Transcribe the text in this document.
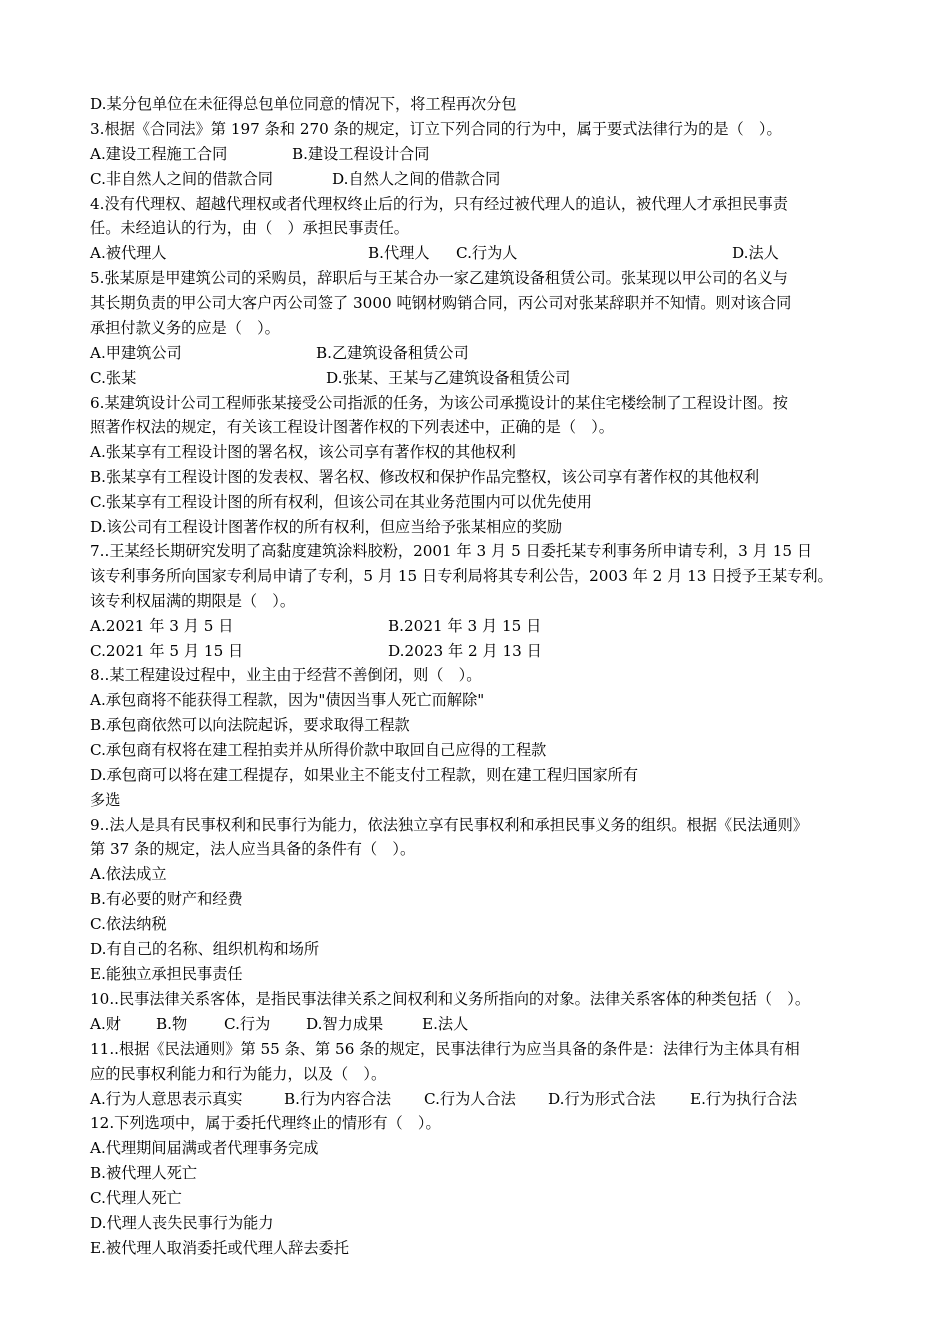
D.某分包单位在未征得总包单位同意的情况下，将工程再次分包
3.根据《合同法》第 197 条和 270 条的规定，订立下列合同的行为中，属于要式法律行为的是（　）。

A.建设工程施工合同

	B.建设工程设计合同

C.非自然人之间的借款合同

	D.自然人之间的借款合同

4.没有代理权、超越代理权或者代理权终止后的行为，只有经过被代理人的追认，被代理人才承担民事责
任。未经追认的行为，由（　）承担民事责任。

A.被代理人

	B.代理人

C.行为人

	D.法人

5.张某原是甲建筑公司的采购员，辞职后与王某合办一家乙建筑设备租赁公司。张某现以甲公司的名义与
其长期负责的甲公司大客户丙公司签了 3000 吨钢材购销合同，丙公司对张某辞职并不知情。则对该合同
承担付款义务的应是（　）。

A.甲建筑公司

	B.乙建筑设备租赁公司

C.张某

	D.张某、王某与乙建筑设备租赁公司

6.某建筑设计公司工程师张某接受公司指派的任务，为该公司承揽设计的某住宅楼绘制了工程设计图。按
照著作权法的规定，有关该工程设计图著作权的下列表述中，正确的是（　）。
A.张某享有工程设计图的署名权，该公司享有著作权的其他权利
B.张某享有工程设计图的发表权、署名权、修改权和保护作品完整权，该公司享有著作权的其他权利
C.张某享有工程设计图的所有权利，但该公司在其业务范围内可以优先使用
D.该公司有工程设计图著作权的所有权利，但应当给予张某相应的奖励
7..王某经长期研究发明了高黏度建筑涂料胶粉，2001 年 3 月 5 日委托某专利事务所申请专利，3 月 15 日
该专利事务所向国家专利局申请了专利，5 月 15 日专利局将其专利公告，2003 年 2 月 13 日授予王某专利。
该专利权届满的期限是（　）。

A.2021 年 3 月 5 日

	B.2021 年 3 月 15 日

C.2021 年 5 月 15 日

	D.2023 年 2 月 13 日

8..某工程建设过程中，业主由于经营不善倒闭，则（　）。
A.承包商将不能获得工程款，因为"债因当事人死亡而解除"
B.承包商依然可以向法院起诉，要求取得工程款
C.承包商有权将在建工程拍卖并从所得价款中取回自己应得的工程款
D.承包商可以将在建工程提存，如果业主不能支付工程款，则在建工程归国家所有
多选
9..法人是具有民事权利和民事行为能力，依法独立享有民事权利和承担民事义务的组织。根据《民法通则》
第 37 条的规定，法人应当具备的条件有（　）。
A.依法成立
B.有必要的财产和经费
C.依法纳税
D.有自己的名称、组织机构和场所
E.能独立承担民事责任
10..民事法律关系客体，是指民事法律关系之间权利和义务所指向的对象。法律关系客体的种类包括（　）。

A.财

B.物

C.行为

D.智力成果

	E.法人

11..根据《民法通则》第 55 条、第 56 条的规定，民事法律行为应当具备的条件是：法律行为主体具有相
应的民事权利能力和行为能力，以及（　）。

A.行为人意思表示真实

	B.行为内容合法

C.行为人合法

D.行为形式合法

E.行为执行合法

12.下列选项中，属于委托代理终止的情形有（　）。
A.代理期间届满或者代理事务完成
B.被代理人死亡
C.代理人死亡
D.代理人丧失民事行为能力
E.被代理人取消委托或代理人辞去委托
